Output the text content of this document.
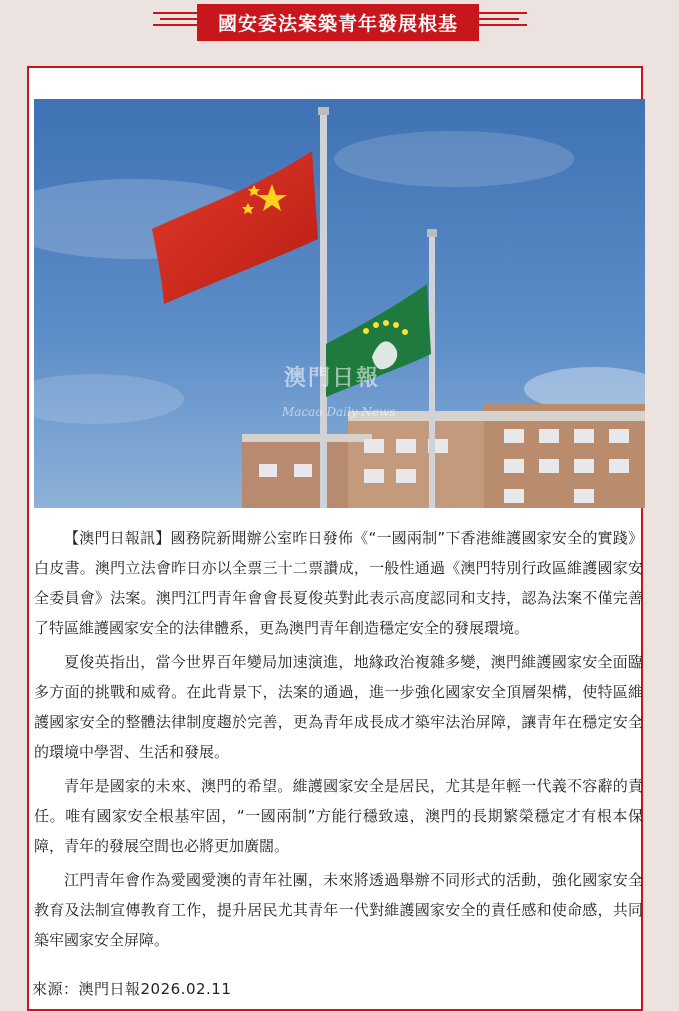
國安委法案築青年發展根基
澳門日報
Macao Daily News

【澳門日報訊】國務院新聞辦公室昨日發佈《“一國兩制”下香港維護國家安全的實踐》白皮書。澳門立法會昨日亦以全票三十二票讚成，一般性通過《澳門特別行政區維護國家安全委員會》法案。澳門江門青年會會長夏俊英對此表示高度認同和支持，認為法案不僅完善了特區維護國家安全的法律體系，更為澳門青年創造穩定安全的發展環境。

夏俊英指出，當今世界百年變局加速演進，地緣政治複雜多變，澳門維護國家安全面臨多方面的挑戰和威脅。在此背景下，法案的通過，進一步強化國家安全頂層架構，使特區維護國家安全的整體法律制度趨於完善，更為青年成長成才築牢法治屏障，讓青年在穩定安全的環境中學習、生活和發展。

青年是國家的未來、澳門的希望。維護國家安全是居民，尤其是年輕一代義不容辭的責任。唯有國家安全根基牢固，“一國兩制”方能行穩致遠，澳門的長期繁榮穩定才有根本保障，青年的發展空間也必將更加廣闊。

江門青年會作為愛國愛澳的青年社團，未來將透過舉辦不同形式的活動，強化國家安全教育及法制宣傳教育工作，提升居民尤其青年一代對維護國家安全的責任感和使命感，共同築牢國家安全屏障。

來源：澳門日報2026.02.11
